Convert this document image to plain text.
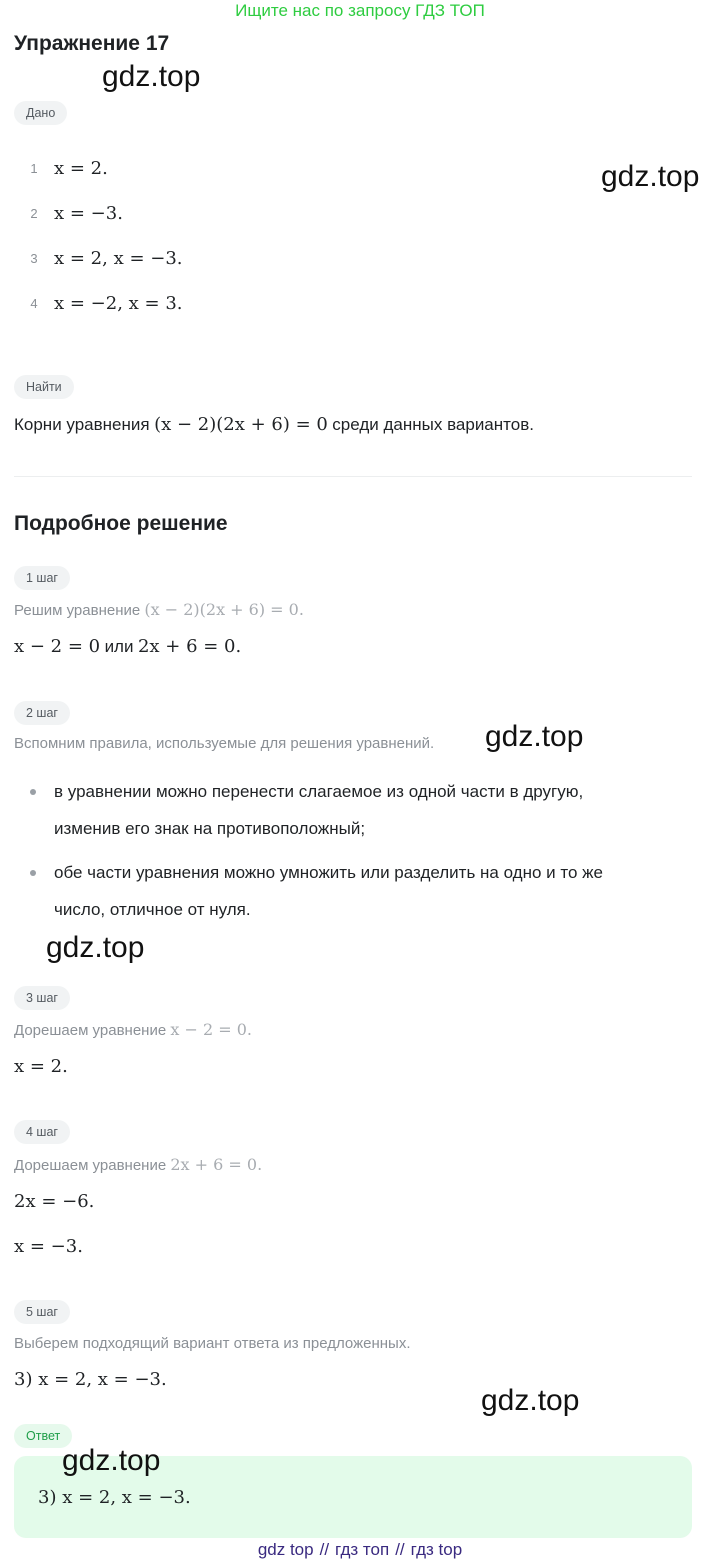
Ищите нас по запросу ГДЗ ТОП
Упражнение 17
Дано
1 x = 2.
2 x = −3.
3 x = 2, x = −3.
4 x = −2, x = 3.
Найти
Корни уравнения (x − 2)(2x + 6) = 0 среди данных вариантов.
Подробное решение
1 шаг
Решим уравнение (x − 2)(2x + 6) = 0.
x − 2 = 0 или 2x + 6 = 0.
2 шаг
Вспомним правила, используемые для решения уравнений.
в уравнении можно перенести слагаемое из одной части в другую,
изменив его знак на противоположный;
обе части уравнения можно умножить или разделить на одно и то же
число, отличное от нуля.
3 шаг
Дорешаем уравнение x − 2 = 0.
x = 2.
4 шаг
Дорешаем уравнение 2x + 6 = 0.
2x = −6.
x = −3.
5 шаг
Выберем подходящий вариант ответа из предложенных.
3) x = 2, x = −3.
Ответ
3) x = 2, x = −3.
gdz.top
gdz.top
gdz.top
gdz.top
gdz.top
gdz.top
gdz top // гдз топ // гдз top
